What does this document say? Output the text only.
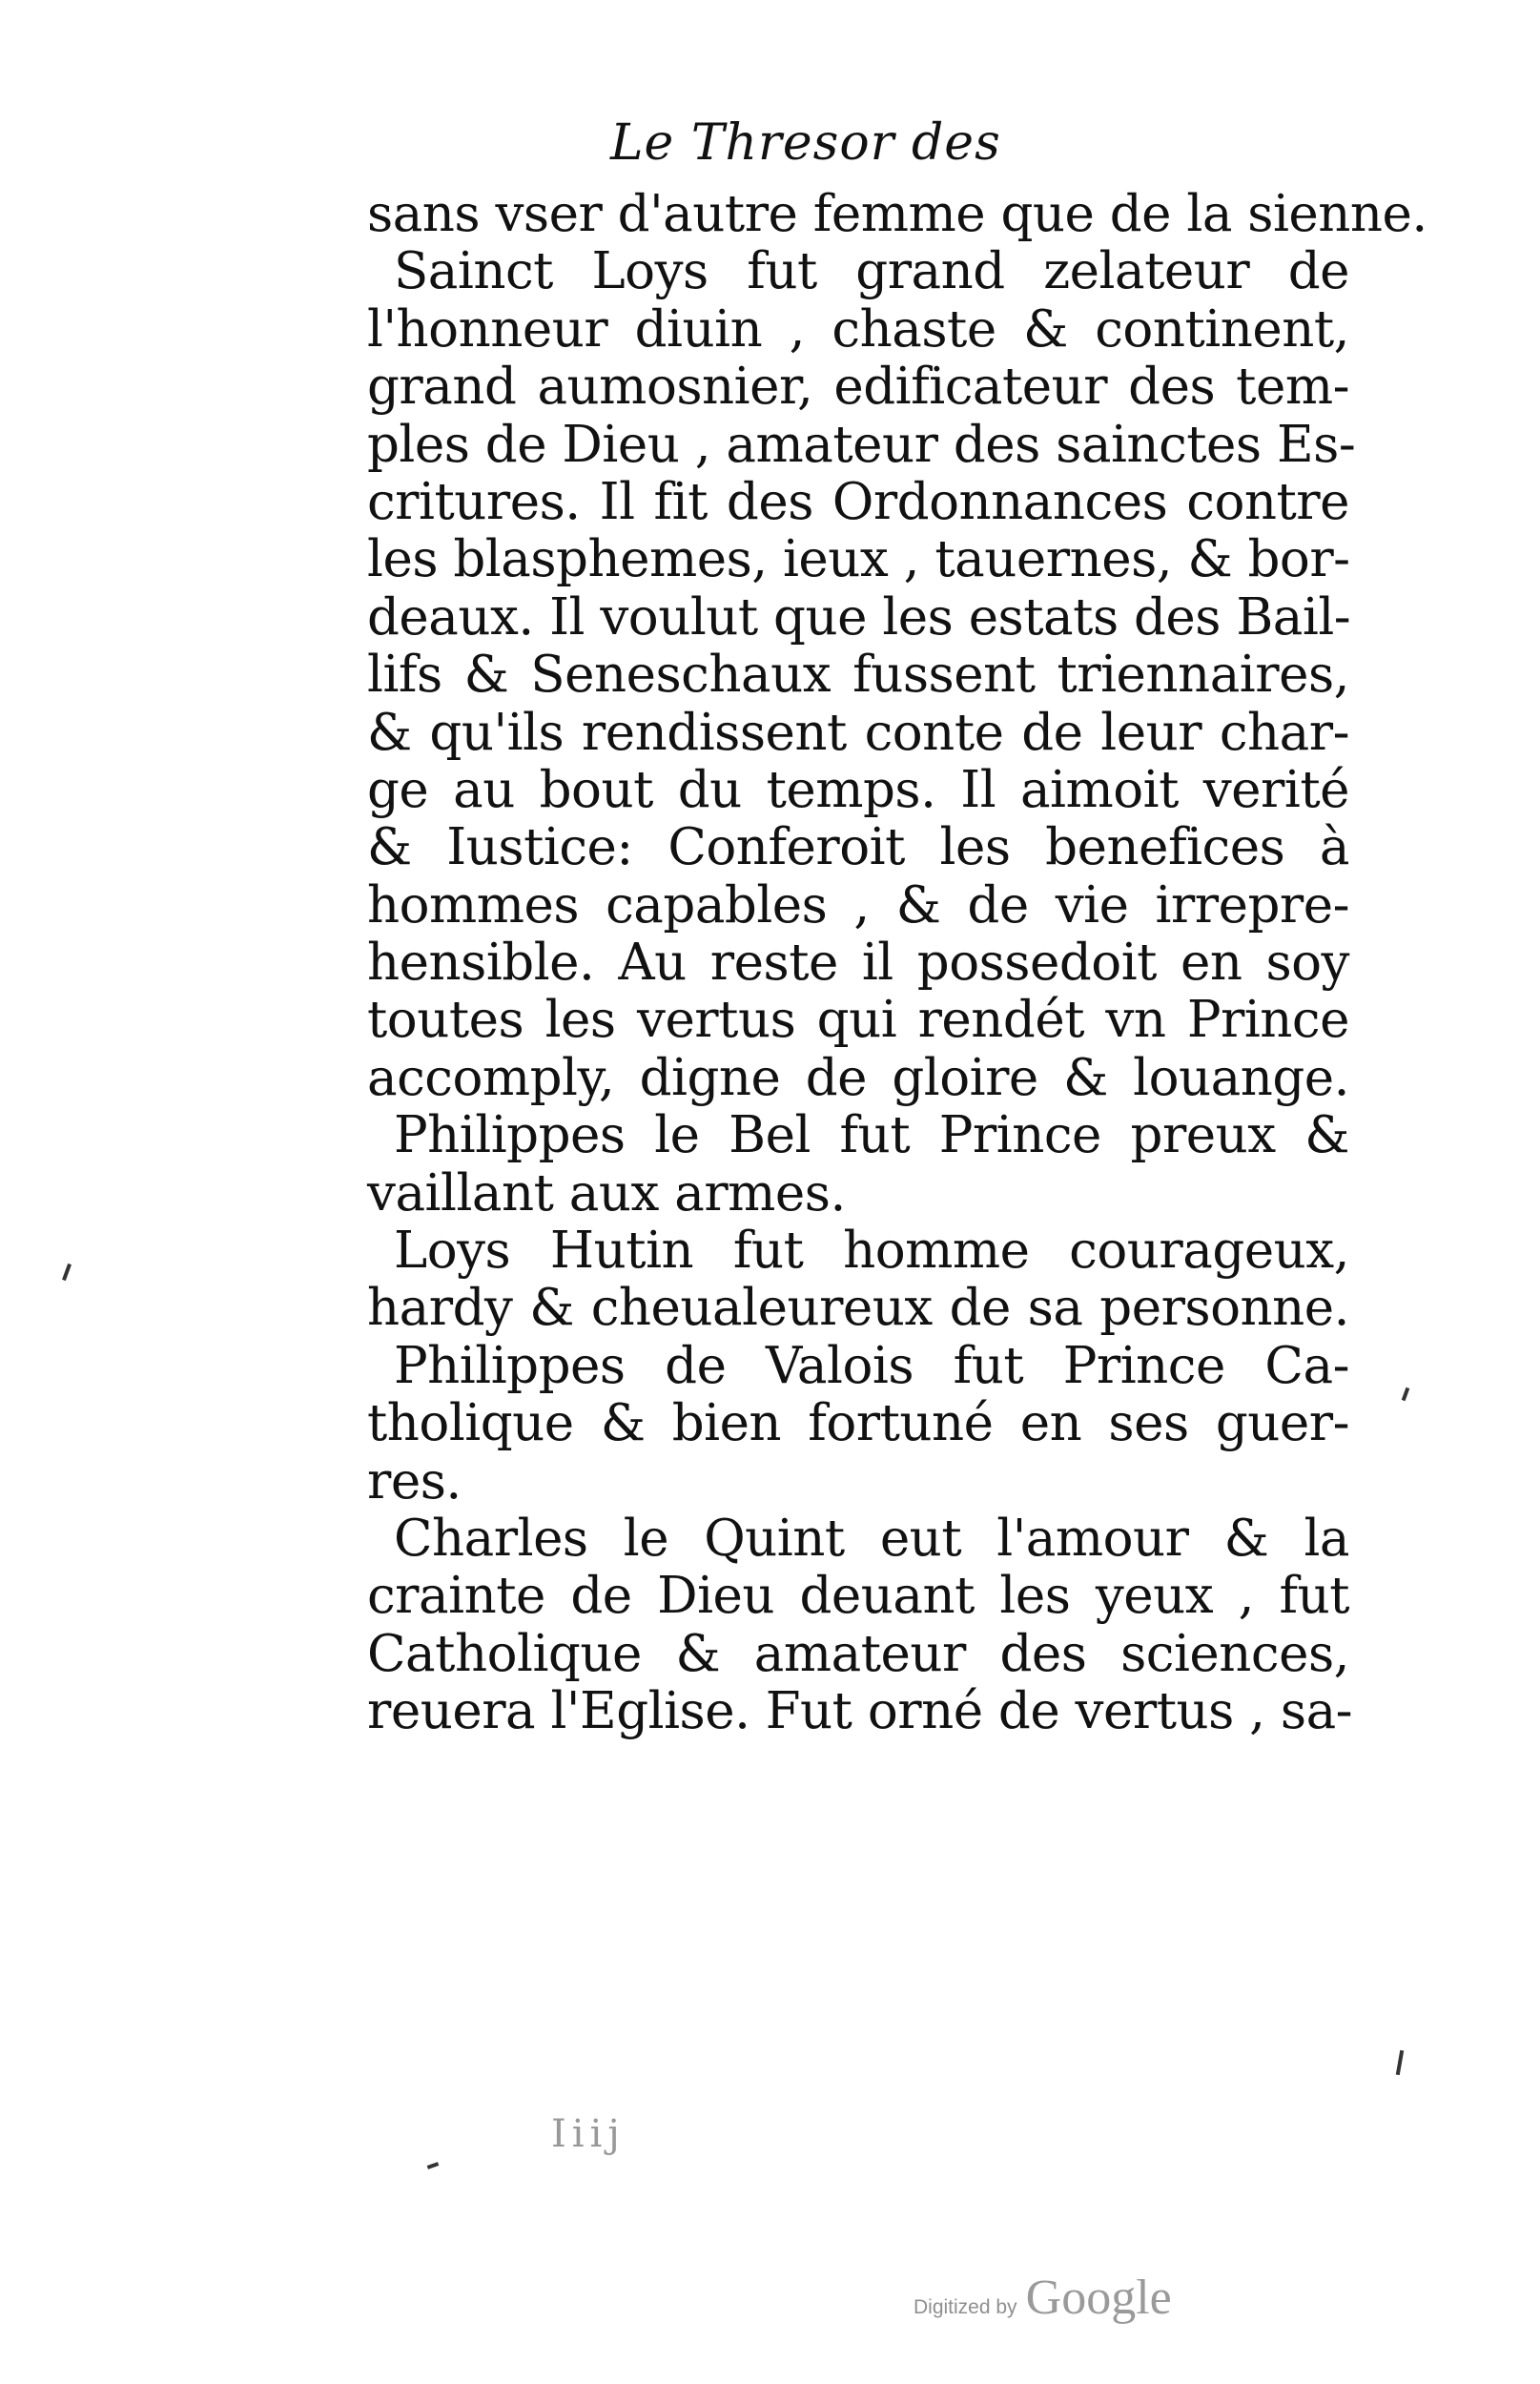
Le Thresor des
sans vser d'autre femme que de la sienne.
Sainct Loys fut grand zelateur de
l'honneur diuin , chaste & continent,
grand aumosnier, edificateur des tem-
ples de Dieu , amateur des sainctes Es-
critures. Il fit des Ordonnances contre
les blasphemes, ieux , tauernes, & bor-
deaux. Il voulut que les estats des Bail-
lifs & Seneschaux fussent triennaires,
& qu'ils rendissent conte de leur char-
ge au bout du temps. Il aimoit verité
& Iustice: Conferoit les benefices à
hommes capables , & de vie irrepre-
hensible. Au reste il possedoit en soy
toutes les vertus qui rendét vn Prince
accomply, digne de gloire & louange.
Philippes le Bel fut Prince preux &
vaillant aux armes.
Loys Hutin fut homme courageux,
hardy & cheualeureux de sa personne.
Philippes de Valois fut Prince Ca-
tholique & bien fortuné en ses guer-
res.
Charles le Quint eut l'amour & la
crainte de Dieu deuant les yeux , fut
Catholique & amateur des sciences,
reuera l'Eglise. Fut orné de vertus , sa-
Iiij
Digitized by Google
